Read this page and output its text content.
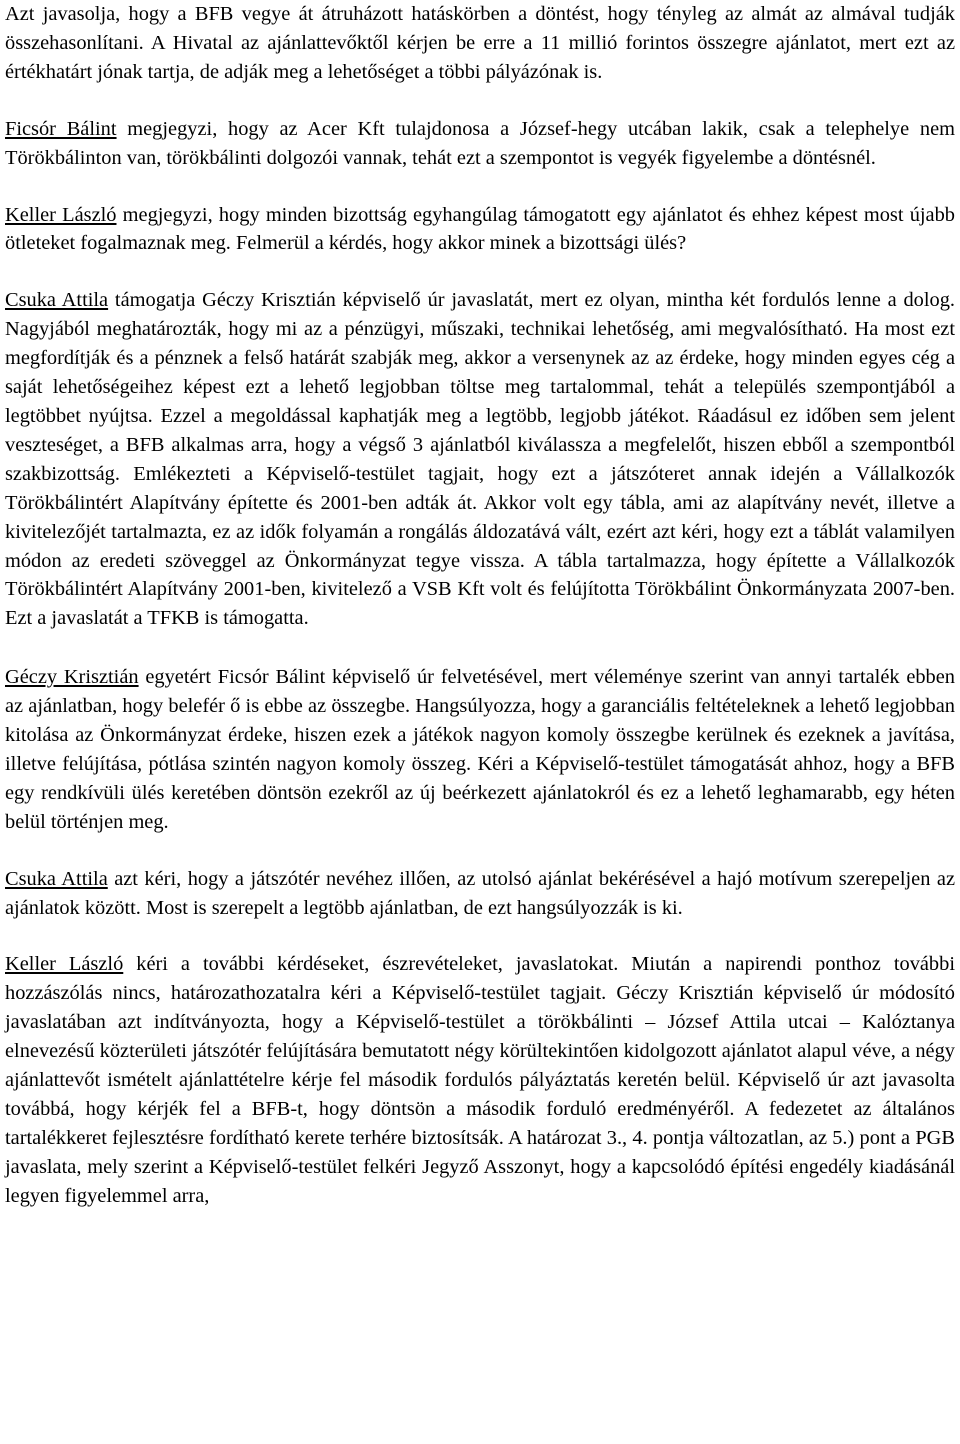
Azt javasolja, hogy a BFB vegye át átruházott hatáskörben a döntést, hogy tényleg az almát az almával tudják összehasonlítani. A Hivatal az ajánlattevőktől kérjen be erre a 11 millió forintos összegre ajánlatot, mert ezt az értékhatárt jónak tartja, de adják meg a lehetőséget a többi pályázónak is.

Ficsór Bálint megjegyzi, hogy az Acer Kft tulajdonosa a József-hegy utcában lakik, csak a telephelye nem Törökbálinton van, törökbálinti dolgozói vannak, tehát ezt a szempontot is vegyék figyelembe a döntésnél.

Keller László megjegyzi, hogy minden bizottság egyhangúlag támogatott egy ajánlatot és ehhez képest most újabb ötleteket fogalmaznak meg. Felmerül a kérdés, hogy akkor minek a bizottsági ülés?

Csuka Attila támogatja Géczy Krisztián képviselő úr javaslatát, mert ez olyan, mintha két fordulós lenne a dolog. Nagyjából meghatározták, hogy mi az a pénzügyi, műszaki, technikai lehetőség, ami megvalósítható. Ha most ezt megfordítják és a pénznek a felső határát szabják meg, akkor a versenynek az az érdeke, hogy minden egyes cég a saját lehetőségeihez képest ezt a lehető legjobban töltse meg tartalommal, tehát a település szempontjából a legtöbbet nyújtsa. Ezzel a megoldással kaphatják meg a legtöbb, legjobb játékot. Ráadásul ez időben sem jelent veszteséget, a BFB alkalmas arra, hogy a végső 3 ajánlatból kiválassza a megfelelőt, hiszen ebből a szempontból szakbizottság. Emlékezteti a Képviselő-testület tagjait, hogy ezt a játszóteret annak idején a Vállalkozók Törökbálintért Alapítvány építette és 2001-ben adták át. Akkor volt egy tábla, ami az alapítvány nevét, illetve a kivitelezőjét tartalmazta, ez az idők folyamán a rongálás áldozatává vált, ezért azt kéri, hogy ezt a táblát valamilyen módon az eredeti szöveggel az Önkormányzat tegye vissza. A tábla tartalmazza, hogy építette a Vállalkozók Törökbálintért Alapítvány 2001-ben, kivitelező a VSB Kft volt és felújította Törökbálint Önkormányzata 2007-ben. Ezt a javaslatát a TFKB is támogatta.

Géczy Krisztián egyetért Ficsór Bálint képviselő úr felvetésével, mert véleménye szerint van annyi tartalék ebben az ajánlatban, hogy belefér ő is ebbe az összegbe. Hangsúlyozza, hogy a garanciális feltételeknek a lehető legjobban kitolása az Önkormányzat érdeke, hiszen ezek a játékok nagyon komoly összegbe kerülnek és ezeknek a javítása, illetve felújítása, pótlása szintén nagyon komoly összeg. Kéri a Képviselő-testület támogatását ahhoz, hogy a BFB egy rendkívüli ülés keretében döntsön ezekről az új beérkezett ajánlatokról és ez a lehető leghamarabb, egy héten belül történjen meg.

Csuka Attila azt kéri, hogy a játszótér nevéhez illően, az utolsó ajánlat bekérésével a hajó motívum szerepeljen az ajánlatok között. Most is szerepelt a legtöbb ajánlatban, de ezt hangsúlyozzák is ki.

Keller László kéri a további kérdéseket, észrevételeket, javaslatokat. Miután a napirendi ponthoz további hozzászólás nincs, határozathozatalra kéri a Képviselő-testület tagjait. Géczy Krisztián képviselő úr módosító javaslatában azt indítványozta, hogy a Képviselő-testület a törökbálinti – József Attila utcai – Kalóztanya elnevezésű közterületi játszótér felújítására bemutatott négy körültekintően kidolgozott ajánlatot alapul véve, a négy ajánlattevőt ismételt ajánlattételre kérje fel második fordulós pályáztatás keretén belül. Képviselő úr azt javasolta továbbá, hogy kérjék fel a BFB-t, hogy döntsön a második forduló eredményéről. A fedezetet az általános tartalékkeret fejlesztésre fordítható kerete terhére biztosítsák. A határozat 3., 4. pontja változatlan, az 5.) pont a PGB javaslata, mely szerint a Képviselő-testület felkéri Jegyző Asszonyt, hogy a kapcsolódó építési engedély kiadásánál legyen figyelemmel arra,
